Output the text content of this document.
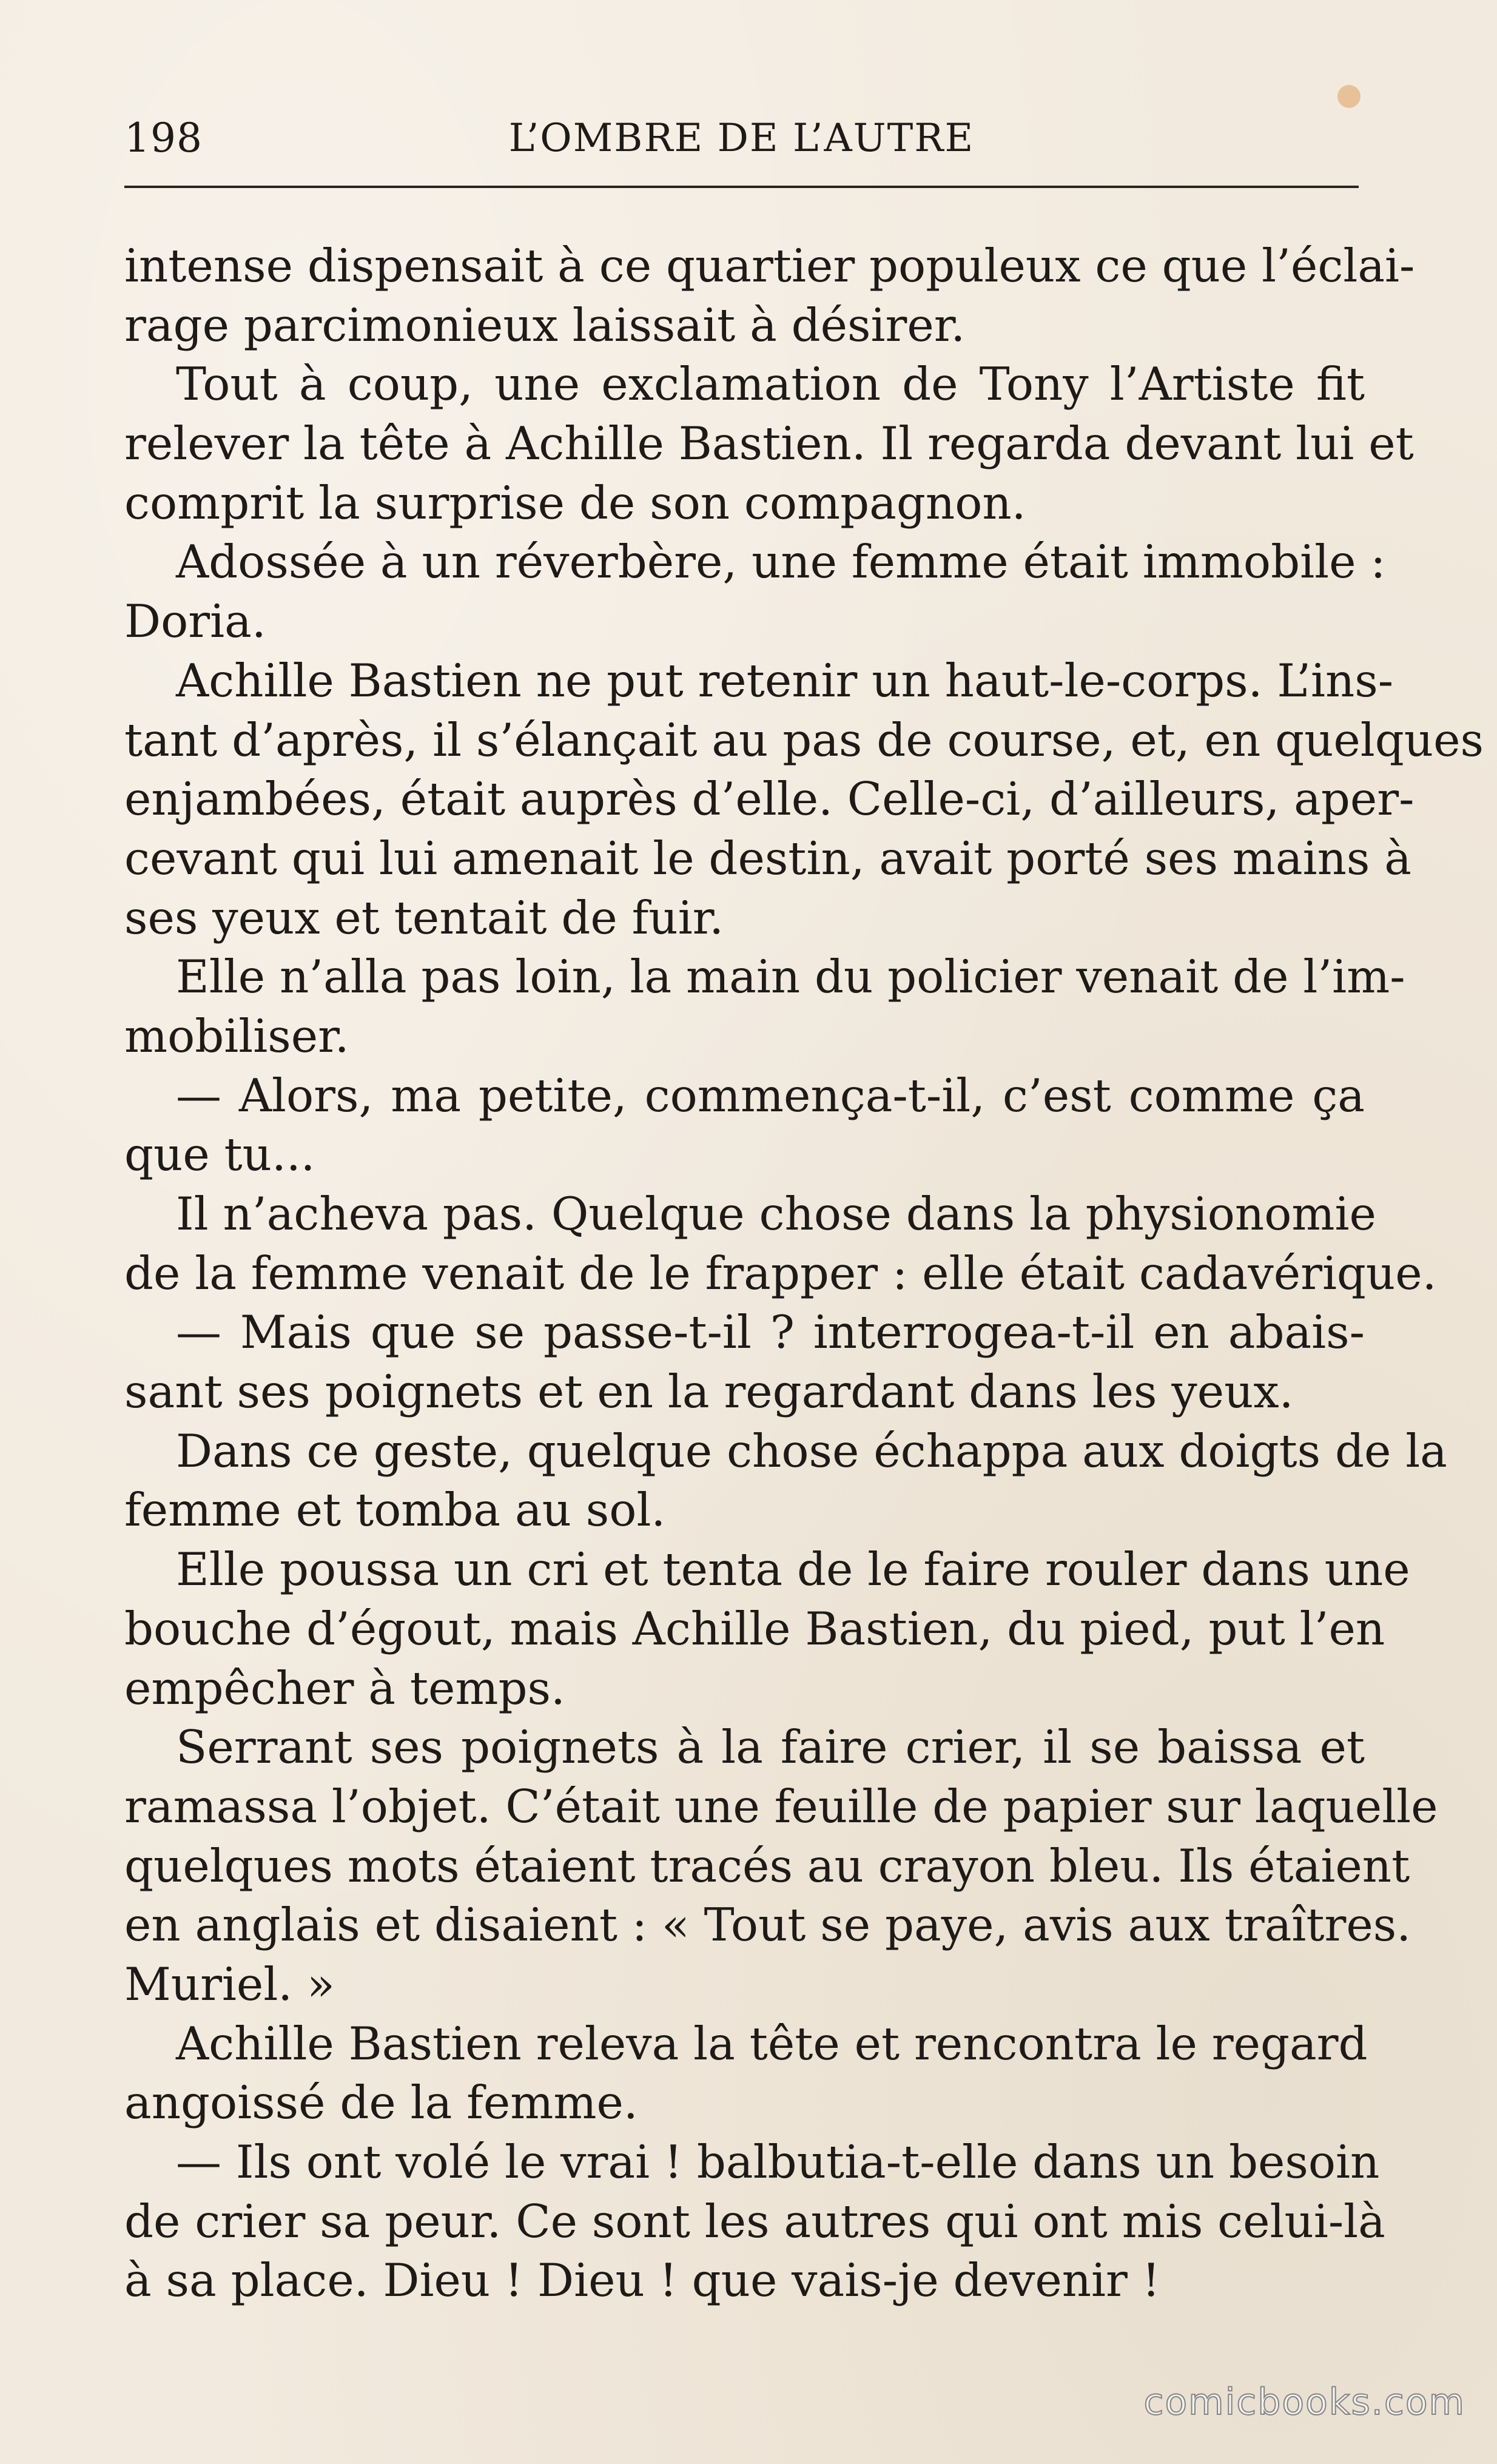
198	L’OMBRE DE L’AUTRE
intense dispensait à ce quartier populeux ce que l’éclai-
rage parcimonieux laissait à désirer.
Tout à coup, une exclamation de Tony l’Artiste fit
relever la tête à Achille Bastien. Il regarda devant lui et
comprit la surprise de son compagnon.
Adossée à un réverbère, une femme était immobile :
Doria.
Achille Bastien ne put retenir un haut-le-corps. L’ins-
tant d’après, il s’élançait au pas de course, et, en quelques
enjambées, était auprès d’elle. Celle-ci, d’ailleurs, aper-
cevant qui lui amenait le destin, avait porté ses mains à
ses yeux et tentait de fuir.
Elle n’alla pas loin, la main du policier venait de l’im-
mobiliser.
— Alors, ma petite, commença-t-il, c’est comme ça
que tu...
Il n’acheva pas. Quelque chose dans la physionomie
de la femme venait de le frapper : elle était cadavérique.
— Mais que se passe-t-il ? interrogea-t-il en abais-
sant ses poignets et en la regardant dans les yeux.
Dans ce geste, quelque chose échappa aux doigts de la
femme et tomba au sol.
Elle poussa un cri et tenta de le faire rouler dans une
bouche d’égout, mais Achille Bastien, du pied, put l’en
empêcher à temps.
Serrant ses poignets à la faire crier, il se baissa et
ramassa l’objet. C’était une feuille de papier sur laquelle
quelques mots étaient tracés au crayon bleu. Ils étaient
en anglais et disaient : « Tout se paye, avis aux traîtres.
Muriel. »
Achille Bastien releva la tête et rencontra le regard
angoissé de la femme.
— Ils ont volé le vrai ! balbutia-t-elle dans un besoin
de crier sa peur. Ce sont les autres qui ont mis celui-là
à sa place. Dieu ! Dieu ! que vais-je devenir !
comicbooks.com
